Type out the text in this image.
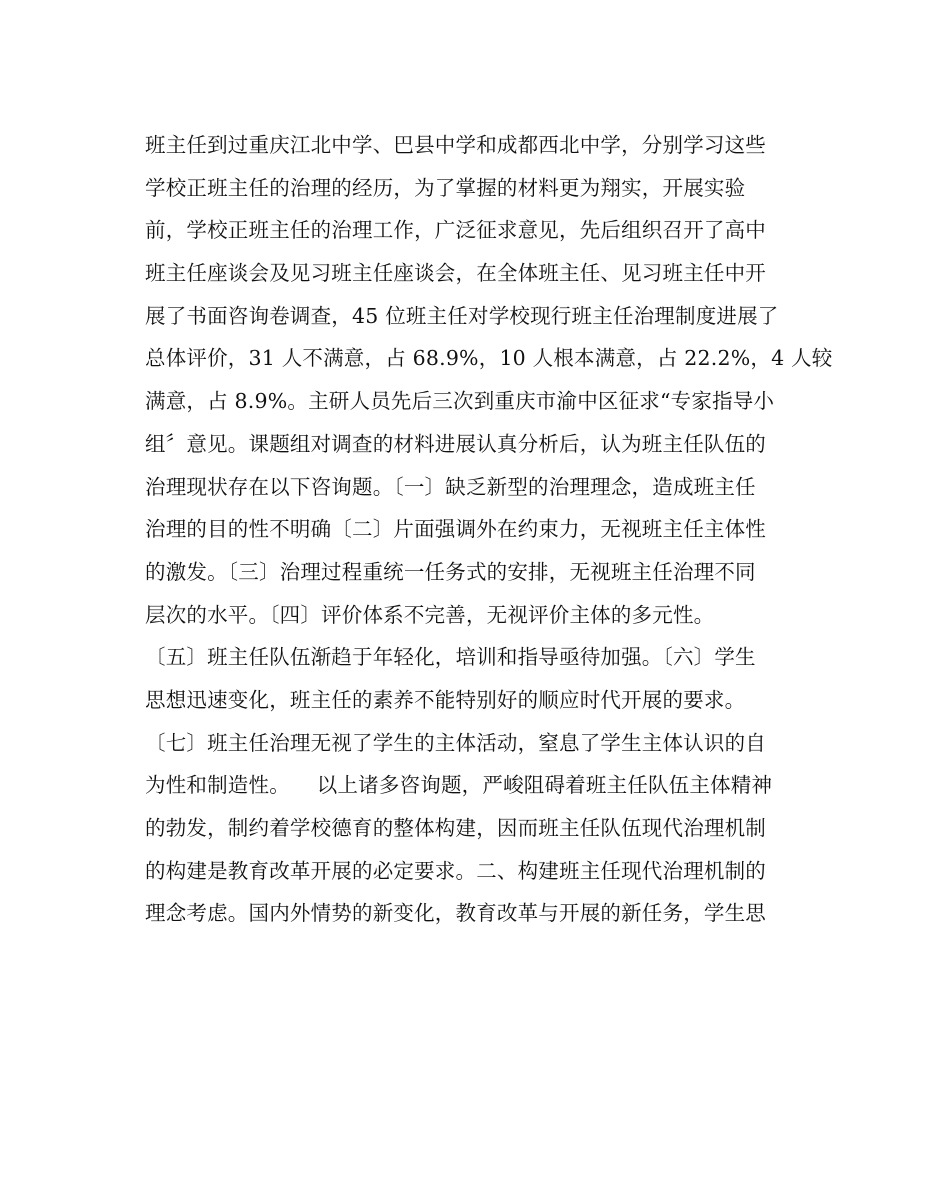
班主任到过重庆江北中学、巴县中学和成都西北中学，分别学习这些
学校正班主任的治理的经历，为了掌握的材料更为翔实，开展实验
前，学校正班主任的治理工作，广泛征求意见，先后组织召开了高中
班主任座谈会及见习班主任座谈会，在全体班主任、见习班主任中开
展了书面咨询卷调查，45 位班主任对学校现行班主任治理制度进展了
总体评价，31 人不满意，占 68.9%，10 人根本满意，占 22.2%，4 人较
满意，占 8.9%。主研人员先后三次到重庆市渝中区征求“专家指导小
组〞意见。课题组对调查的材料进展认真分析后，认为班主任队伍的
治理现状存在以下咨询题。〔一〕缺乏新型的治理理念，造成班主任
治理的目的性不明确〔二〕片面强调外在约束力，无视班主任主体性
的激发。〔三〕治理过程重统一任务式的安排，无视班主任治理不同
层次的水平。〔四〕评价体系不完善，无视评价主体的多元性。
〔五〕班主任队伍渐趋于年轻化，培训和指导亟待加强。〔六〕学生
思想迅速变化，班主任的素养不能特别好的顺应时代开展的要求。
〔七〕班主任治理无视了学生的主体活动，窒息了学生主体认识的自
为性和制造性。    以上诸多咨询题，严峻阻碍着班主任队伍主体精神
的勃发，制约着学校德育的整体构建，因而班主任队伍现代治理机制
的构建是教育改革开展的必定要求。二、构建班主任现代治理机制的
理念考虑。国内外情势的新变化，教育改革与开展的新任务，学生思
